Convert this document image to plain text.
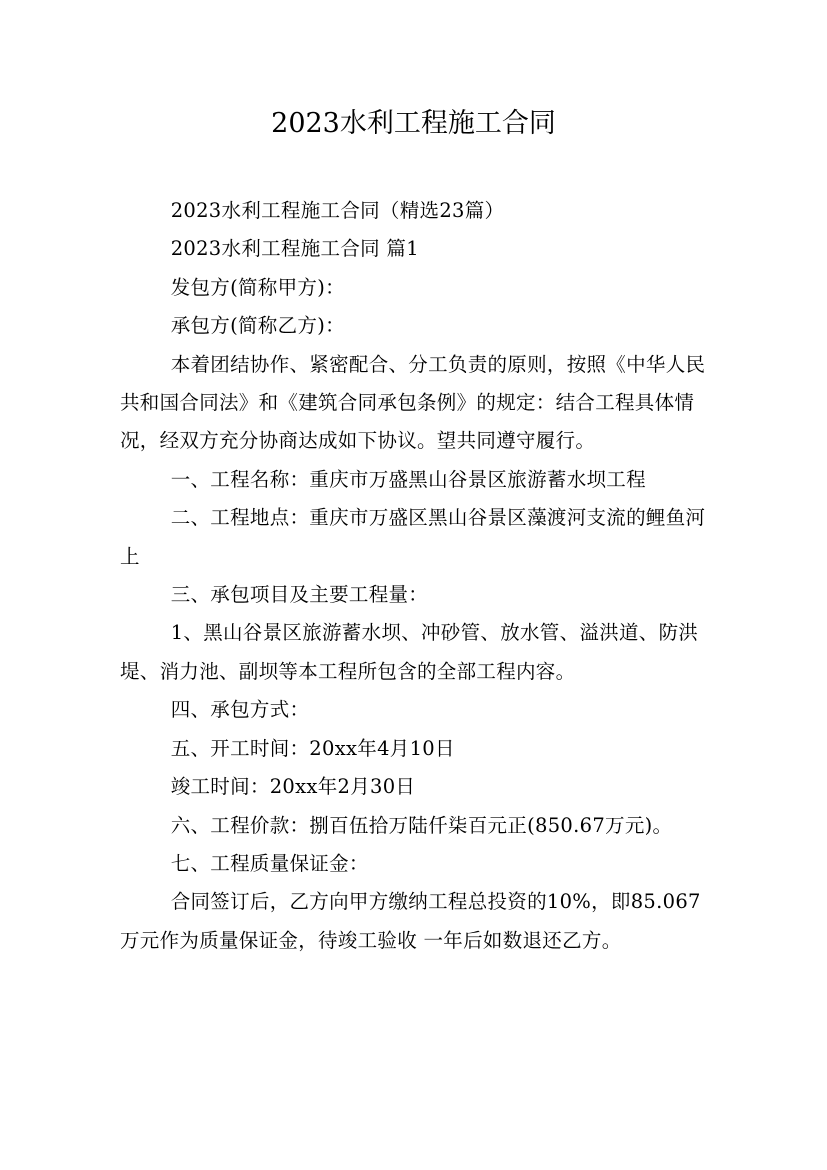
2023水利工程施工合同

2023水利工程施工合同（精选23篇）

2023水利工程施工合同 篇1

发包方(简称甲方)：

承包方(简称乙方)：

本着团结协作、紧密配合、分工负责的原则，按照《中华人民共和国合同法》和《建筑合同承包条例》的规定：结合工程具体情况，经双方充分协商达成如下协议。望共同遵守履行。

一、工程名称：重庆市万盛黑山谷景区旅游蓄水坝工程

二、工程地点：重庆市万盛区黑山谷景区藻渡河支流的鲤鱼河上

三、承包项目及主要工程量：

1、黑山谷景区旅游蓄水坝、冲砂管、放水管、溢洪道、防洪堤、消力池、副坝等本工程所包含的全部工程内容。

四、承包方式：

五、开工时间：20xx年4月10日

竣工时间：20xx年2月30日

六、工程价款：捌百伍拾万陆仟柒百元正(850.67万元)。

七、工程质量保证金：

合同签订后，乙方向甲方缴纳工程总投资的10%，即85.067万元作为质量保证金，待竣工验收 一年后如数退还乙方。
